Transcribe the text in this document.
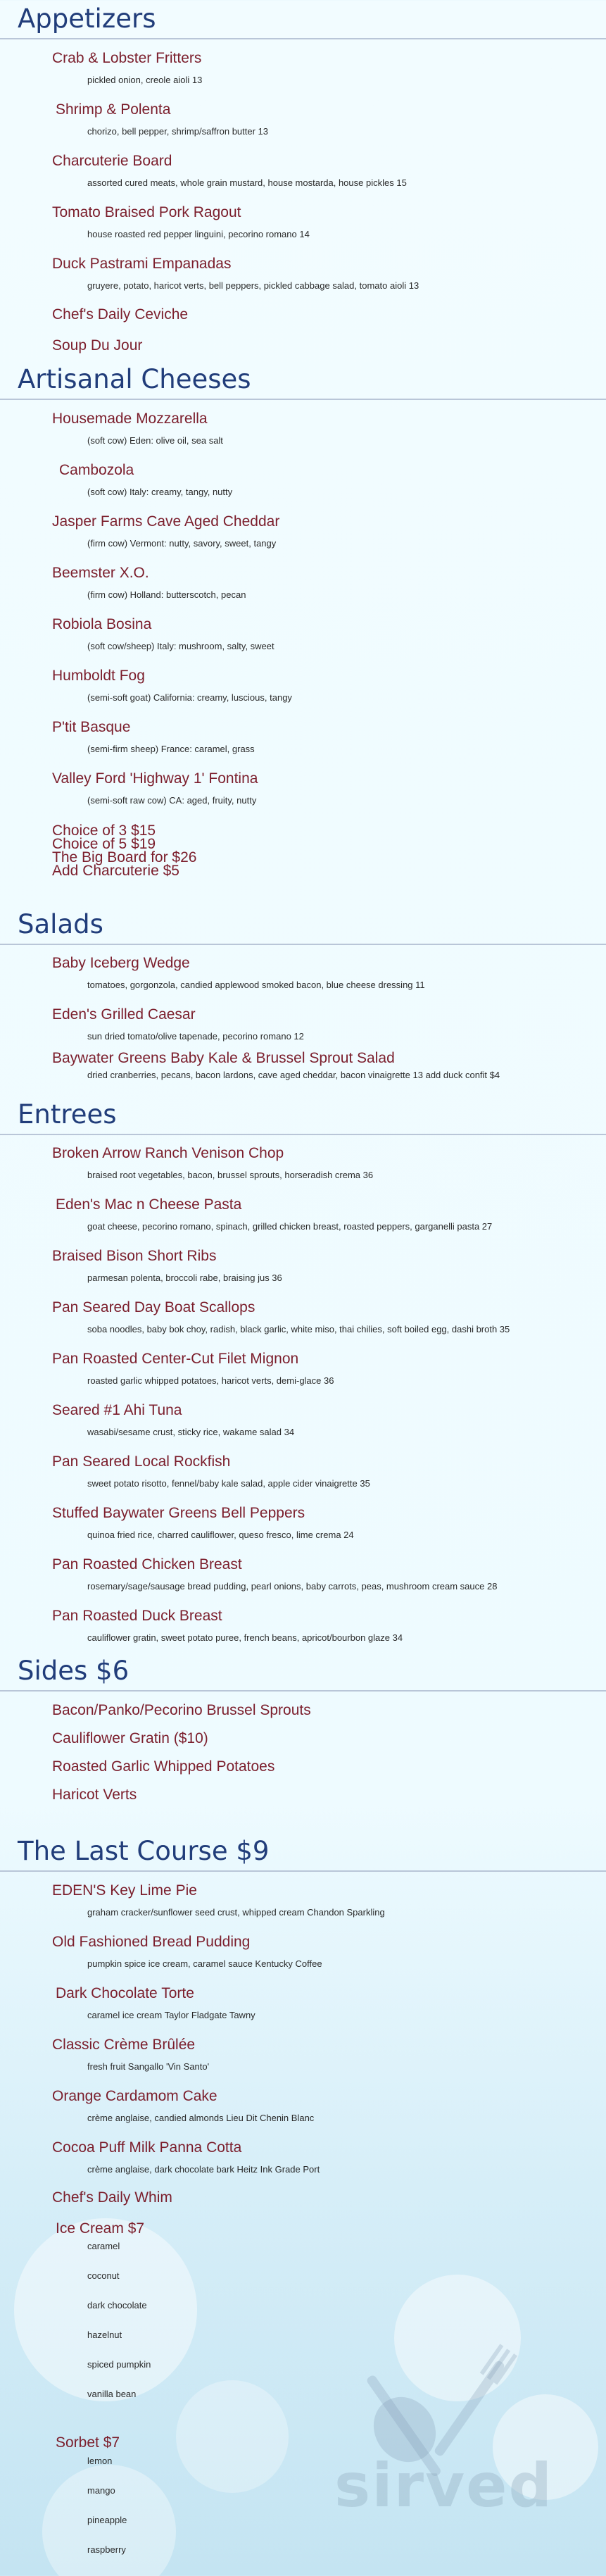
Appetizers
Crab & Lobster Fritters
pickled onion, creole aioli 13
Shrimp & Polenta
chorizo, bell pepper, shrimp/saffron butter 13
Charcuterie Board
assorted cured meats, whole grain mustard, house mostarda, house pickles 15
Tomato Braised Pork Ragout
house roasted red pepper linguini, pecorino romano 14
Duck Pastrami Empanadas
gruyere, potato, haricot verts, bell peppers, pickled cabbage salad, tomato aioli 13
Chef's Daily Ceviche
Soup Du Jour
Artisanal Cheeses
Housemade Mozzarella
(soft cow) Eden: olive oil, sea salt
Cambozola
(soft cow) Italy: creamy, tangy, nutty
Jasper Farms Cave Aged Cheddar
(firm cow) Vermont: nutty, savory, sweet, tangy
Beemster X.O.
(firm cow) Holland: butterscotch, pecan
Robiola Bosina
(soft cow/sheep) Italy: mushroom, salty, sweet
Humboldt Fog
(semi-soft goat) California: creamy, luscious, tangy
P'tit Basque
(semi-firm sheep) France: caramel, grass
Valley Ford 'Highway 1' Fontina
(semi-soft raw cow) CA: aged, fruity, nutty
Choice of 3 $15
Choice of 5 $19
The Big Board for $26
Add Charcuterie $5
Salads
Baby Iceberg Wedge
tomatoes, gorgonzola, candied applewood smoked bacon, blue cheese dressing 11
Eden's Grilled Caesar
sun dried tomato/olive tapenade, pecorino romano 12
Baywater Greens Baby Kale & Brussel Sprout Salad
dried cranberries, pecans, bacon lardons, cave aged cheddar, bacon vinaigrette 13 add duck confit $4
Entrees
Broken Arrow Ranch Venison Chop
braised root vegetables, bacon, brussel sprouts, horseradish crema 36
Eden's Mac n Cheese Pasta
goat cheese, pecorino romano, spinach, grilled chicken breast, roasted peppers, garganelli pasta 27
Braised Bison Short Ribs
parmesan polenta, broccoli rabe, braising jus 36
Pan Seared Day Boat Scallops
soba noodles, baby bok choy, radish, black garlic, white miso, thai chilies, soft boiled egg, dashi broth 35
Pan Roasted Center-Cut Filet Mignon
roasted garlic whipped potatoes, haricot verts, demi-glace 36
Seared #1 Ahi Tuna
wasabi/sesame crust, sticky rice, wakame salad 34
Pan Seared Local Rockfish
sweet potato risotto, fennel/baby kale salad, apple cider vinaigrette 35
Stuffed Baywater Greens Bell Peppers
quinoa fried rice, charred cauliflower, queso fresco, lime crema 24
Pan Roasted Chicken Breast
rosemary/sage/sausage bread pudding, pearl onions, baby carrots, peas, mushroom cream sauce 28
Pan Roasted Duck Breast
cauliflower gratin, sweet potato puree, french beans, apricot/bourbon glaze 34
Sides $6
Bacon/Panko/Pecorino Brussel Sprouts
Cauliflower Gratin ($10)
Roasted Garlic Whipped Potatoes
Haricot Verts
The Last Course $9
EDEN'S Key Lime Pie
graham cracker/sunflower seed crust, whipped cream Chandon Sparkling
Old Fashioned Bread Pudding
pumpkin spice ice cream, caramel sauce Kentucky Coffee
Dark Chocolate Torte
caramel ice cream Taylor Fladgate Tawny
Classic Crème Brûlée
fresh fruit Sangallo 'Vin Santo'
Orange Cardamom Cake
crème anglaise, candied almonds Lieu Dit Chenin Blanc
Cocoa Puff Milk Panna Cotta
crème anglaise, dark chocolate bark Heitz Ink Grade Port
Chef's Daily Whim
Ice Cream $7
caramel
coconut
dark chocolate
hazelnut
spiced pumpkin
vanilla bean
Sorbet $7
lemon
mango
pineapple
raspberry
sirved
